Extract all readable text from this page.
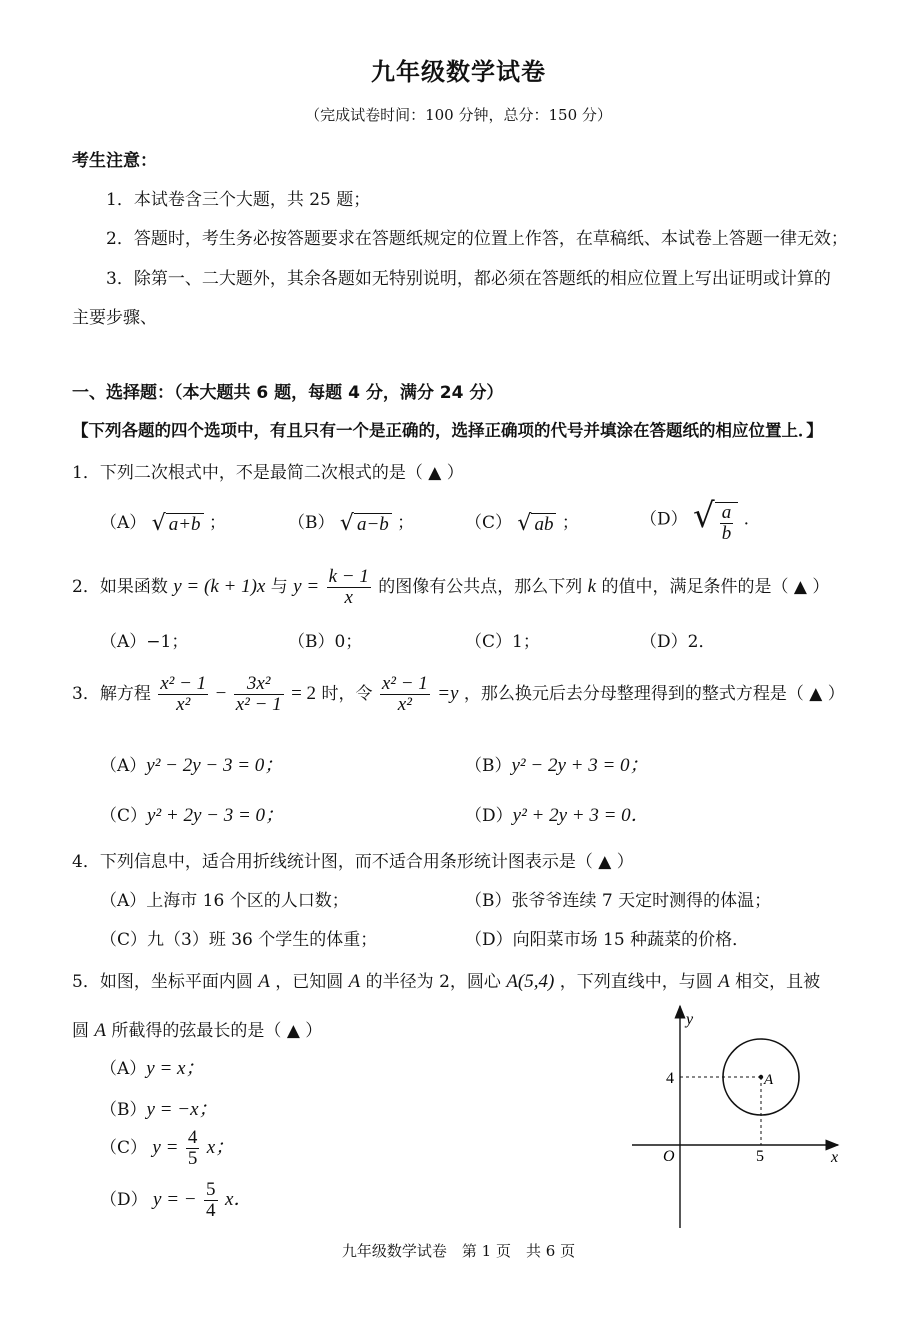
九年级数学试卷
（完成试卷时间：100 分钟，总分：150 分）
考生注意：
1．本试卷含三个大题，共 25 题；
2．答题时，考生务必按答题要求在答题纸规定的位置上作答，在草稿纸、本试卷上答题一律无效；
3．除第一、二大题外，其余各题如无特别说明，都必须在答题纸的相应位置上写出证明或计算的
主要步骤、
一、选择题：（本大题共 6 题，每题 4 分，满分 24 分）
【下列各题的四个选项中，有且只有一个是正确的，选择正确项的代号并填涂在答题纸的相应位置上．】
1．下列二次根式中，不是最简二次根式的是（ ▲ ）
（A） √ a+b ；	（B） √ a−b ；	（C） √ ab ；	（D） √ $\frac{a}{b}$ .
2．如果函数 y = (k + 1)x 与 $y = \frac{k - 1}{x}$ 的图像有公共点，那么下列 k 的值中，满足条件的是（ ▲ ）
（A）−1；	（B）0；	（C）1；	（D）2．
3．解方程 $\frac{\text{x² − 1}}{\text{x²}} - \frac{\text{3x²}}{\text{x² − 1}} = 2$ 时，令 $\frac{\text{x² − 1}}{\text{x²}} =y$ ，那么换元后去分母整理得到的整式方程是（ ▲ ）
（A）y² − 2y − 3 = 0；	（B）y² − 2y + 3 = 0；
（C）y² + 2y − 3 = 0；	（D）y² + 2y + 3 = 0．
4．下列信息中，适合用折线统计图，而不适合用条形统计图表示是（ ▲ ）
（A）上海市 16 个区的人口数；	（B）张爷爷连续 7 天定时测得的体温；
（C）九（3）班 36 个学生的体重；	（D）向阳菜市场 15 种蔬菜的价格．
5．如图，坐标平面内圆 A ，已知圆 A 的半径为 2，圆心 A(5,4) ，下列直线中，与圆 A 相交，且被
圆 A 所截得的弦最长的是（ ▲ ）
（A）y = x；
（B）y = −x；
（C） $y = \frac{4}{5}$ x；
（D） y = − $\frac{5}{4}$ x．
y
x
O
4
5
A
九年级数学试卷　第 1 页　共 6 页
